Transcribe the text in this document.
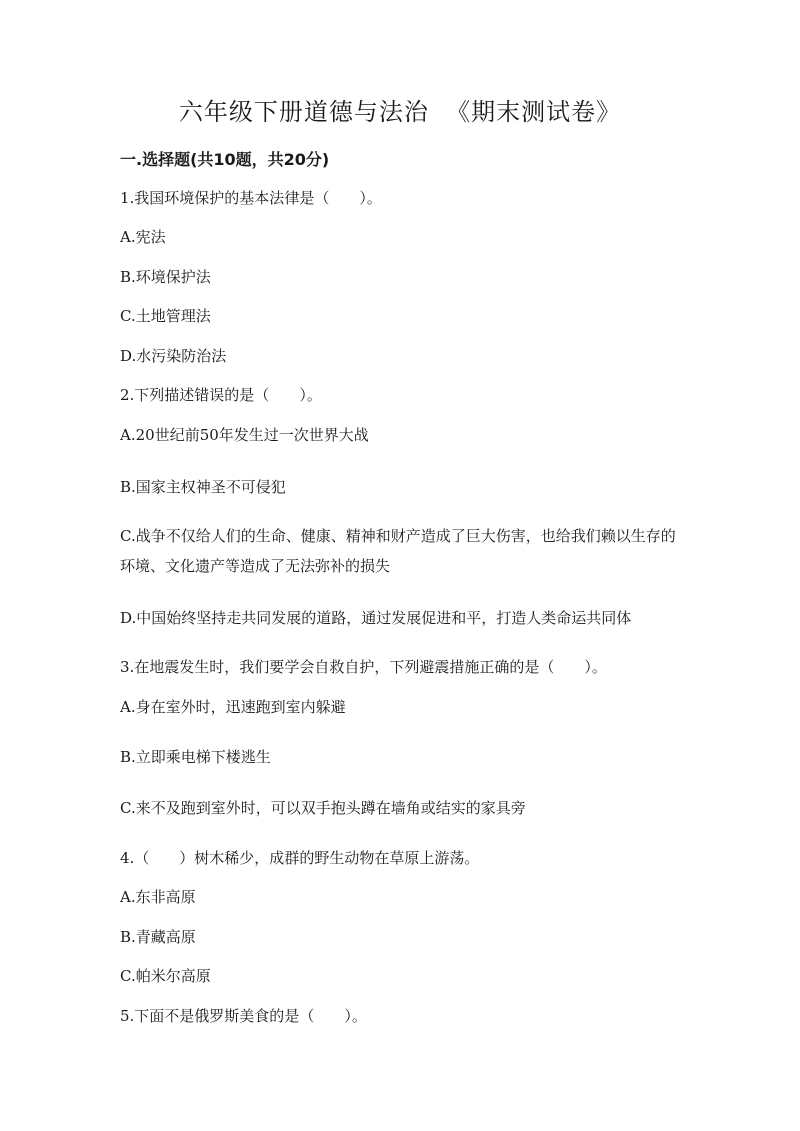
六年级下册道德与法治  《期末测试卷》
一.选择题(共10题，共20分)
1.我国环境保护的基本法律是（　　）。
A.宪法
B.环境保护法
C.土地管理法
D.水污染防治法
2.下列描述错误的是（　　）。
A.20世纪前50年发生过一次世界大战
B.国家主权神圣不可侵犯
C.战争不仅给人们的生命、健康、精神和财产造成了巨大伤害，也给我们赖以生存的环境、文化遗产等造成了无法弥补的损失
D.中国始终坚持走共同发展的道路，通过发展促进和平，打造人类命运共同体
3.在地震发生时，我们要学会自救自护，下列避震措施正确的是（　　）。
A.身在室外时，迅速跑到室内躲避
B.立即乘电梯下楼逃生
C.来不及跑到室外时，可以双手抱头蹲在墙角或结实的家具旁
4.（　　）树木稀少，成群的野生动物在草原上游荡。
A.东非高原
B.青藏高原
C.帕米尔高原
5.下面不是俄罗斯美食的是（　　）。
